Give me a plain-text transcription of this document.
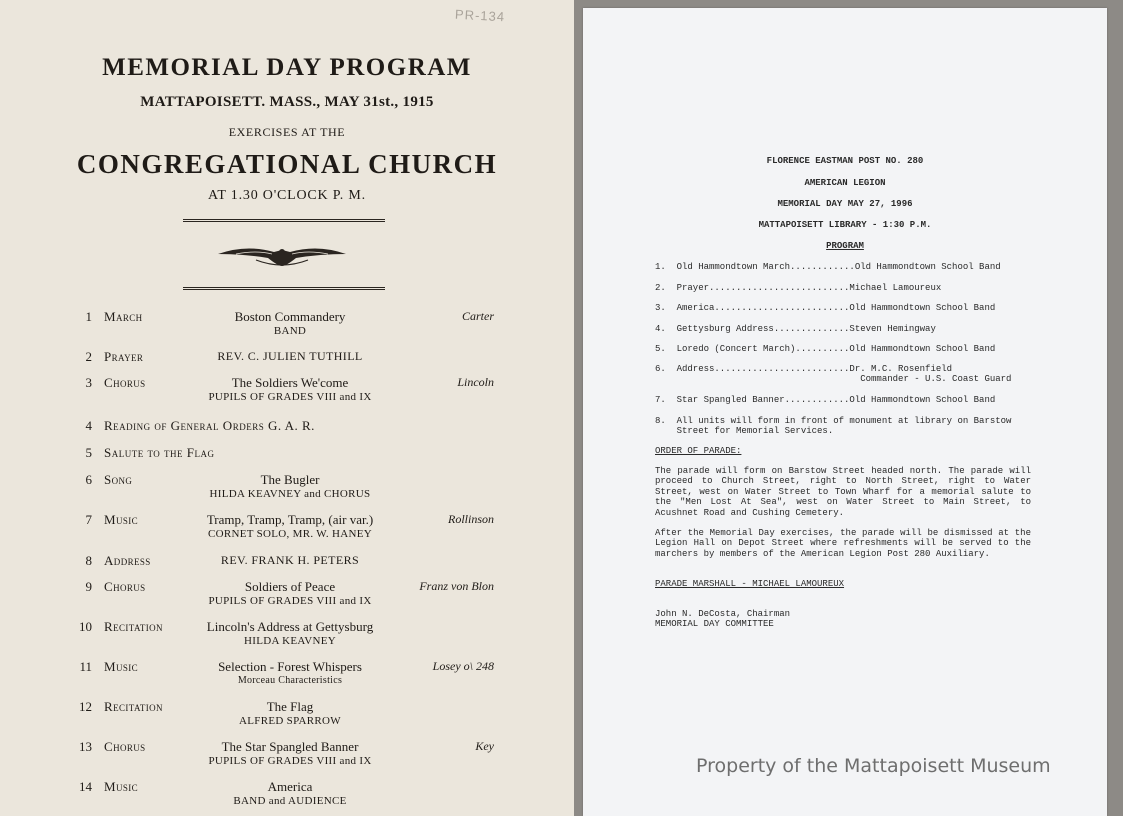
PR-134
MEMORIAL DAY PROGRAM
MATTAPOISETT. MASS., MAY 31st., 1915
EXERCISES AT THE
CONGREGATIONAL CHURCH
AT 1.30 O'CLOCK P. M.
1 March	Boston Commandery
BAND
Carter
2 Prayer	REV. C. JULIEN TUTHILL
3 Chorus	The Soldiers We'come
PUPILS OF GRADES VIII and IX
Lincoln
4 Reading of General Orders G. A. R.
5 Salute to the Flag
6 Song	The Bugler
HILDA KEAVNEY and CHORUS
7 Music	Tramp, Tramp, Tramp, (air var.)
CORNET SOLO, MR. W. HANEY
Rollinson
8 Address	REV. FRANK H. PETERS
9 Chorus	Soldiers of Peace
PUPILS OF GRADES VIII and IX
Franz von Blon
10 Recitation	Lincoln's Address at Gettysburg
HILDA KEAVNEY
11 Music	Selection - Forest Whispers
Morceau Characteristics
Losey o\ 248
12 Recitation	The Flag
ALFRED SPARROW
13 Chorus	The Star Spangled Banner
PUPILS OF GRADES VIII and IX
Key
14 Music	America
BAND and AUDIENCE
FLORENCE EASTMAN POST NO. 280
AMERICAN LEGION
MEMORIAL DAY MAY 27, 1996
MATTAPOISETT LIBRARY - 1:30 P.M.
PROGRAM
1.  Old Hammondtown March............Old Hammondtown School Band
2.  Prayer..........................Michael Lamoureux
3.  America.........................Old Hammondtown School Band
4.  Gettysburg Address..............Steven Hemingway
5.  Loredo (Concert March)..........Old Hammondtown School Band
6.  Address.........................Dr. M.C. Rosenfield
Commander - U.S. Coast Guard
7.  Star Spangled Banner............Old Hammondtown School Band
8.  All units will form in front of monument at library on Barstow
Street for Memorial Services.
ORDER OF PARADE:
The parade will form on Barstow Street headed north. The parade will proceed to Church Street, right to North Street, right to Water Street, west on Water Street to Town Wharf for a memorial salute to the "Men Lost At Sea", west on Water Street to Main Street, to Acushnet Road and Cushing Cemetery.
After the Memorial Day exercises, the parade will be dismissed at the Legion Hall on Depot Street where refreshments will be served to the marchers by members of the American Legion Post 280 Auxiliary.
PARADE MARSHALL - MICHAEL LAMOUREUX
John N. DeCosta, Chairman
MEMORIAL DAY COMMITTEE
Property of the Mattapoisett Museum
